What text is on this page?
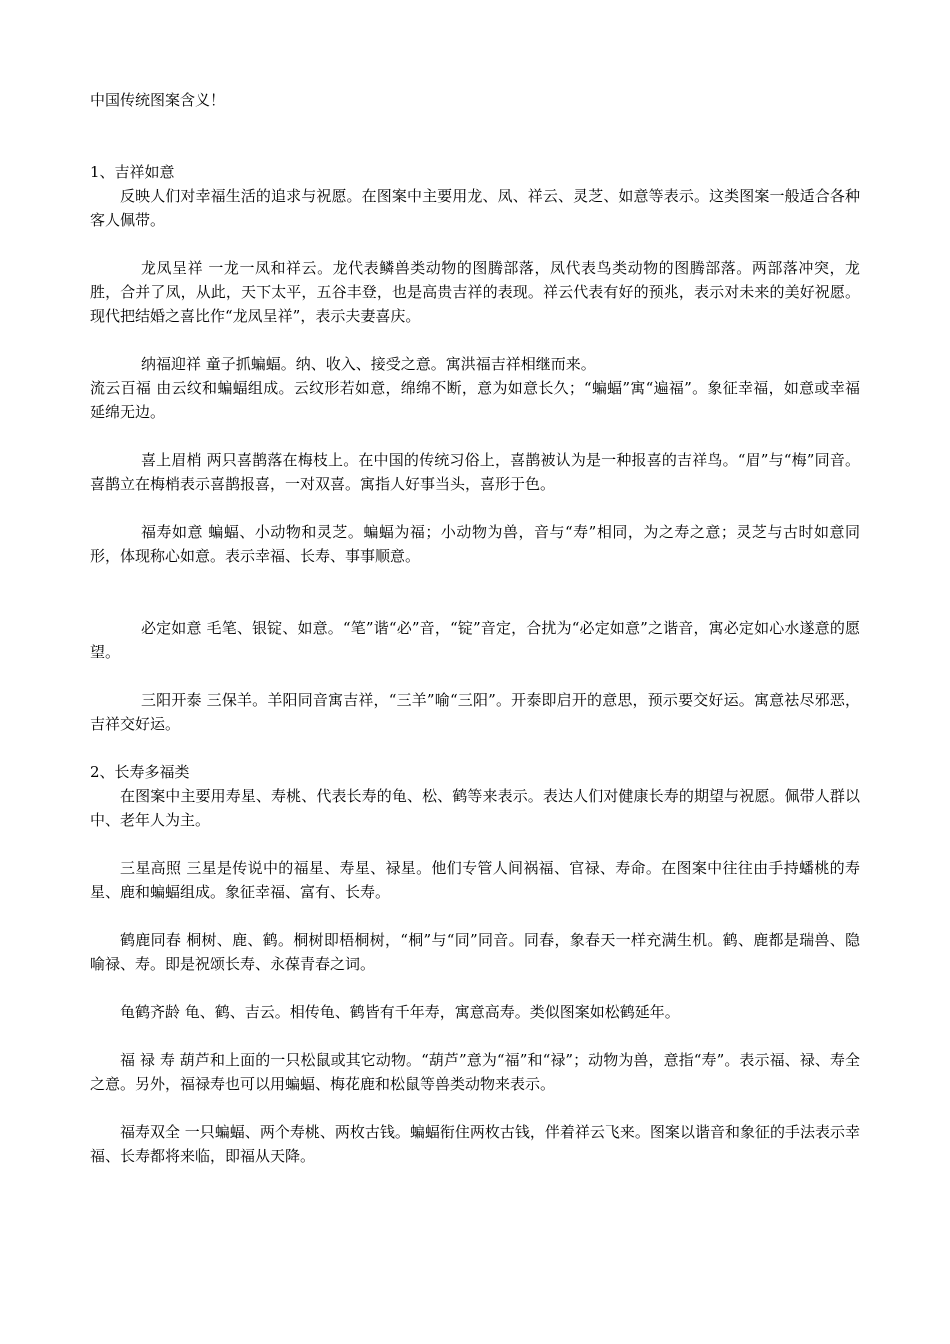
中国传统图案含义！

1、吉祥如意

反映人们对幸福生活的追求与祝愿。在图案中主要用龙、凤、祥云、灵芝、如意等表示。这类图案一般适合各种客人佩带。

龙凤呈祥 一龙一凤和祥云。龙代表鳞兽类动物的图腾部落，凤代表鸟类动物的图腾部落。两部落冲突，龙胜，合并了凤，从此，天下太平，五谷丰登，也是高贵吉祥的表现。祥云代表有好的预兆，表示对未来的美好祝愿。现代把结婚之喜比作“龙凤呈祥”，表示夫妻喜庆。

纳福迎祥 童子抓蝙蝠。纳、收入、接受之意。寓洪福吉祥相继而来。

流云百福 由云纹和蝙蝠组成。云纹形若如意，绵绵不断，意为如意长久；“蝙蝠”寓“遍福”。象征幸福，如意或幸福延绵无边。

喜上眉梢 两只喜鹊落在梅枝上。在中国的传统习俗上，喜鹊被认为是一种报喜的吉祥鸟。“眉”与“梅”同音。喜鹊立在梅梢表示喜鹊报喜，一对双喜。寓指人好事当头，喜形于色。

福寿如意 蝙蝠、小动物和灵芝。蝙蝠为福；小动物为兽，音与“寿”相同，为之寿之意；灵芝与古时如意同形，体现称心如意。表示幸福、长寿、事事顺意。

必定如意 毛笔、银锭、如意。“笔”谐“必”音，“锭”音定，合扰为“必定如意”之谐音，寓必定如心水遂意的愿望。

三阳开泰 三保羊。羊阳同音寓吉祥，“三羊”喻“三阳”。开泰即启开的意思，预示要交好运。寓意祛尽邪恶，吉祥交好运。

2、长寿多福类

在图案中主要用寿星、寿桃、代表长寿的龟、松、鹤等来表示。表达人们对健康长寿的期望与祝愿。佩带人群以中、老年人为主。

三星高照 三星是传说中的福星、寿星、禄星。他们专管人间祸福、官禄、寿命。在图案中往往由手持蟠桃的寿星、鹿和蝙蝠组成。象征幸福、富有、长寿。

鹤鹿同春 桐树、鹿、鹤。桐树即梧桐树，“桐”与“同”同音。同春，象春天一样充满生机。鹤、鹿都是瑞兽、隐喻禄、寿。即是祝颂长寿、永葆青春之词。

龟鹤齐龄 龟、鹤、吉云。相传龟、鹤皆有千年寿，寓意高寿。类似图案如松鹤延年。

福 禄 寿 葫芦和上面的一只松鼠或其它动物。“葫芦”意为“福”和“禄”；动物为兽，意指“寿”。表示福、禄、寿全之意。另外，福禄寿也可以用蝙蝠、梅花鹿和松鼠等兽类动物来表示。

福寿双全 一只蝙蝠、两个寿桃、两枚古钱。蝙蝠衔住两枚古钱，伴着祥云飞来。图案以谐音和象征的手法表示幸福、长寿都将来临，即福从天降。
